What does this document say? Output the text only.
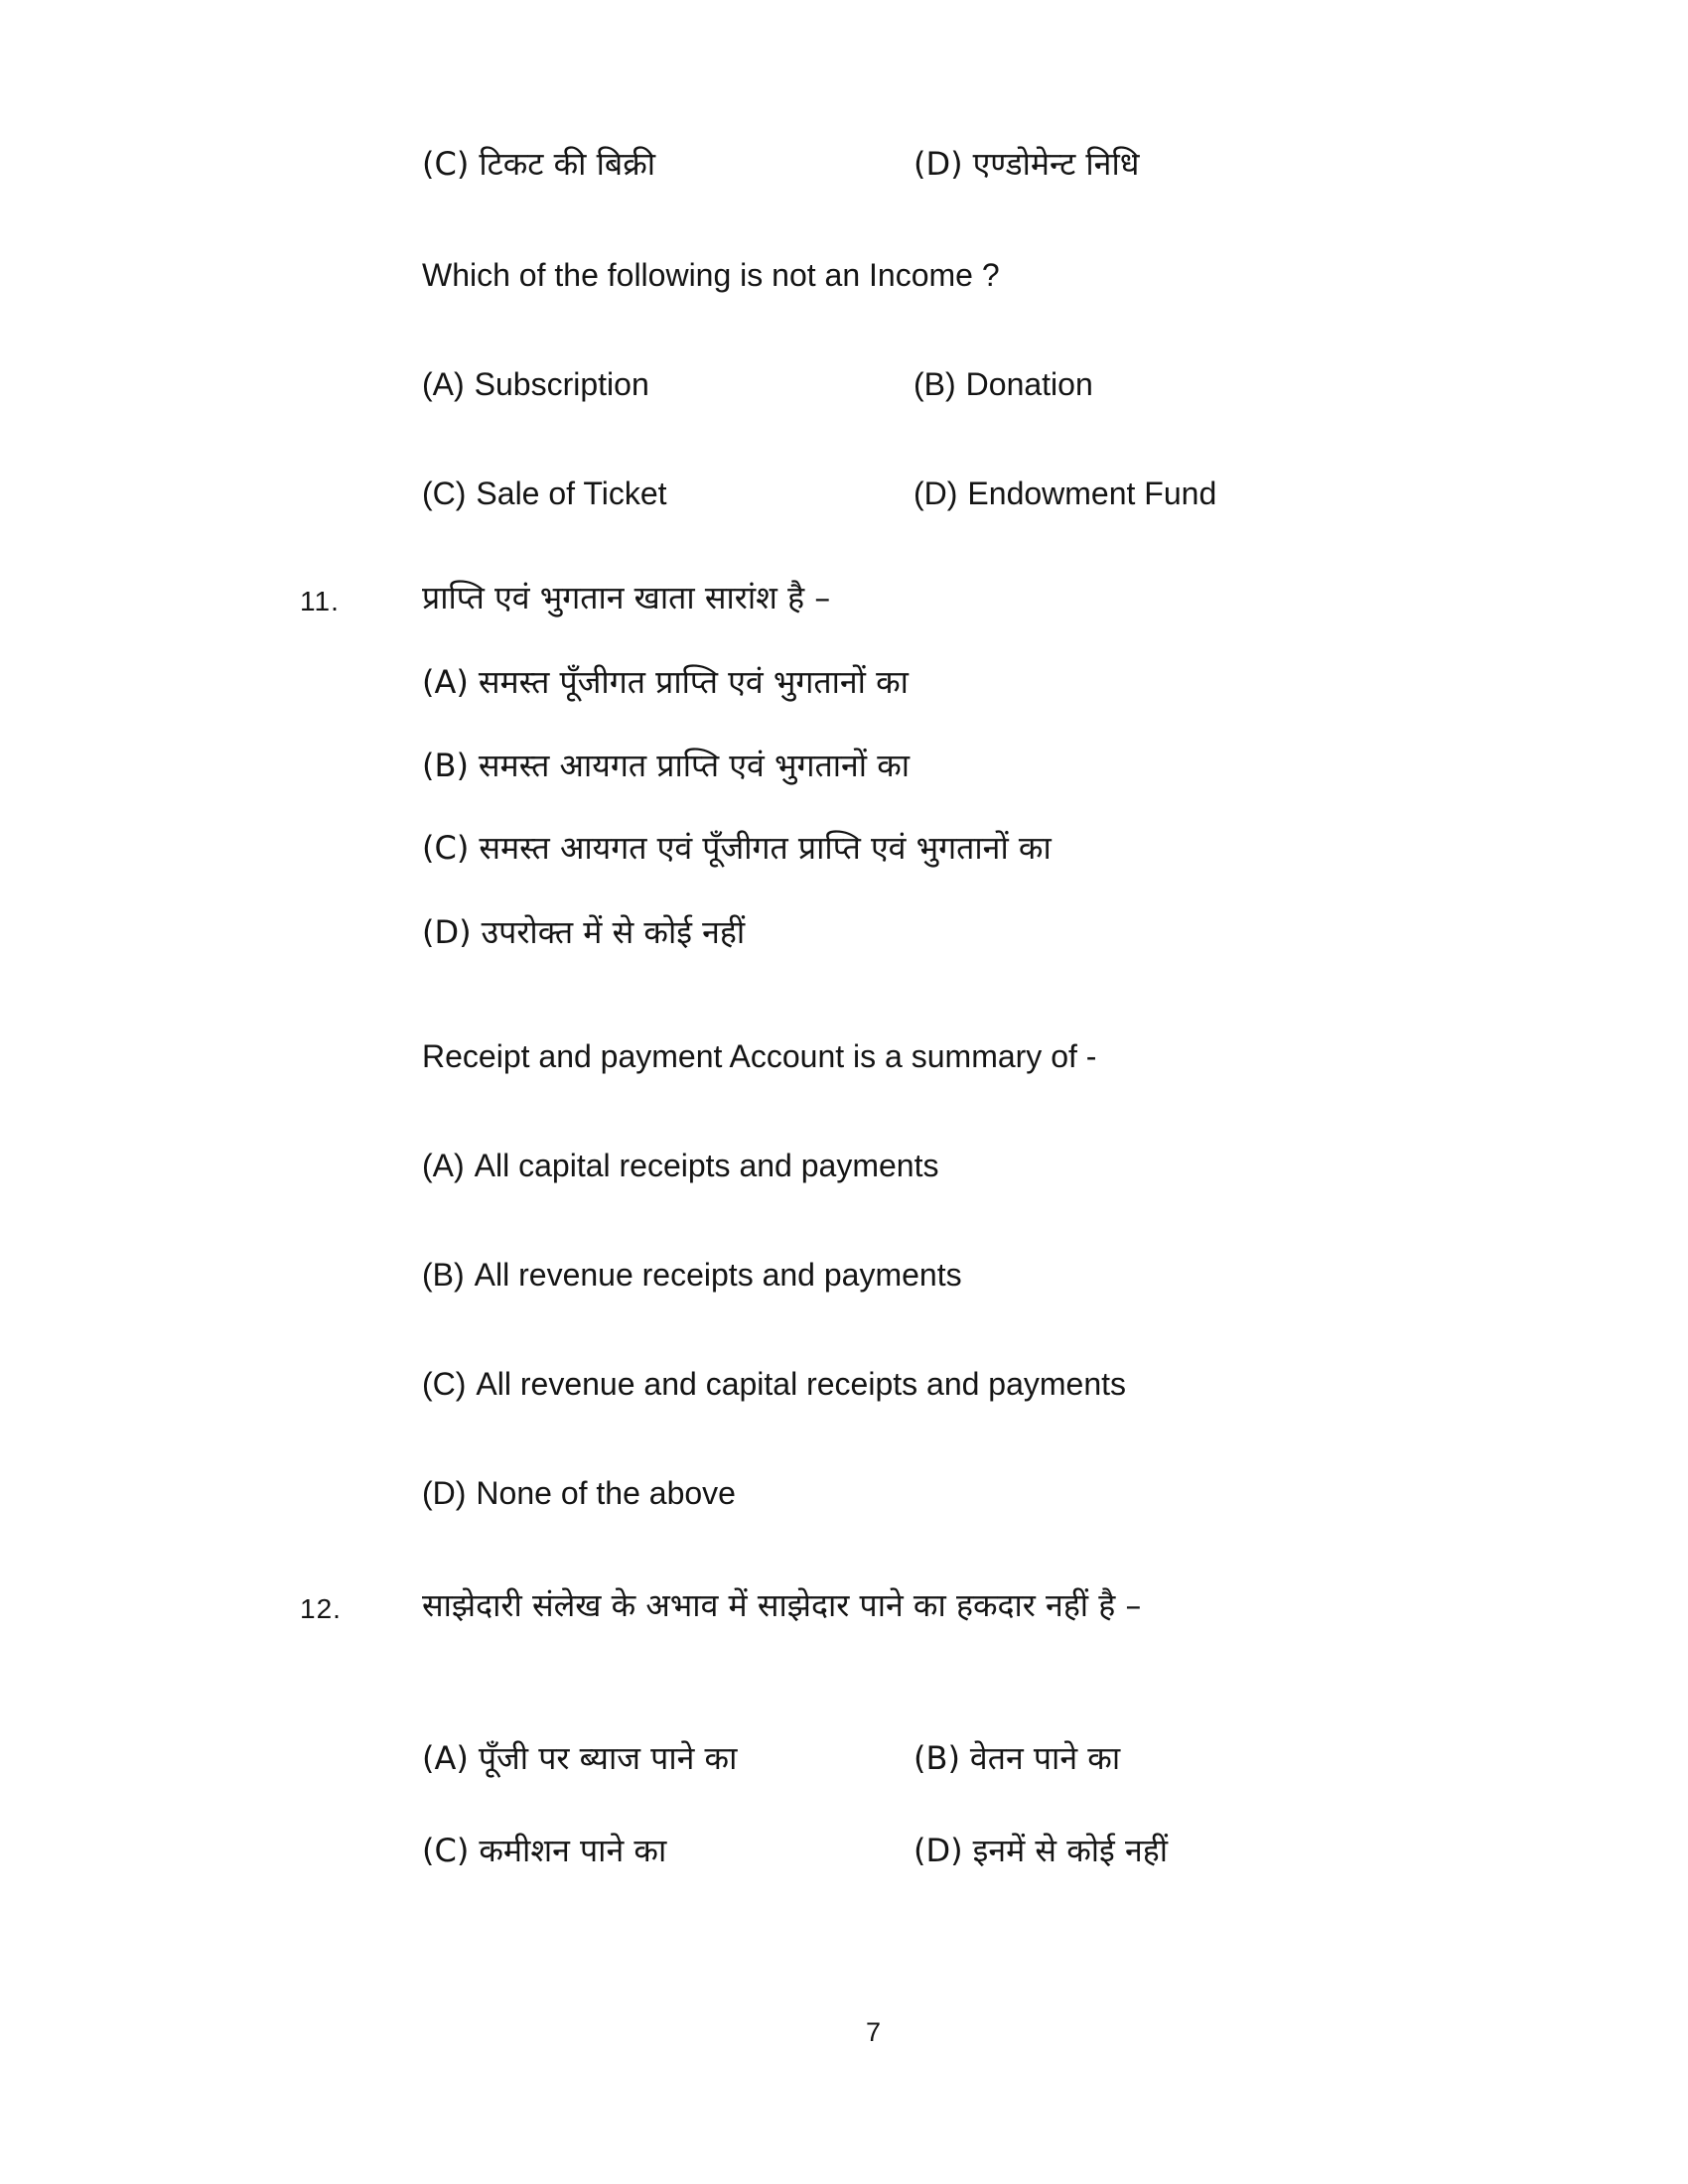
(C) टिकट की बिक्री	(D) एण्डोमेन्ट निधि
Which of the following is not an Income ?
(A) Subscription	(B) Donation
(C) Sale of Ticket	(D) Endowment Fund
11.	प्राप्ति एवं भुगतान खाता सारांश है –
(A) समस्त पूँजीगत प्राप्ति एवं भुगतानों का
(B) समस्त आयगत प्राप्ति एवं भुगतानों का
(C) समस्त आयगत एवं पूँजीगत प्राप्ति एवं भुगतानों का
(D) उपरोक्त में से कोई नहीं
Receipt and payment Account is a summary of -
(A) All capital receipts and payments
(B) All revenue receipts and payments
(C) All revenue and capital receipts and payments
(D) None of the above
12.	साझेदारी संलेख के अभाव में साझेदार पाने का हकदार नहीं है –
(A) पूँजी पर ब्याज पाने का	(B) वेतन पाने का
(C) कमीशन पाने का	(D) इनमें से कोई नहीं
7
